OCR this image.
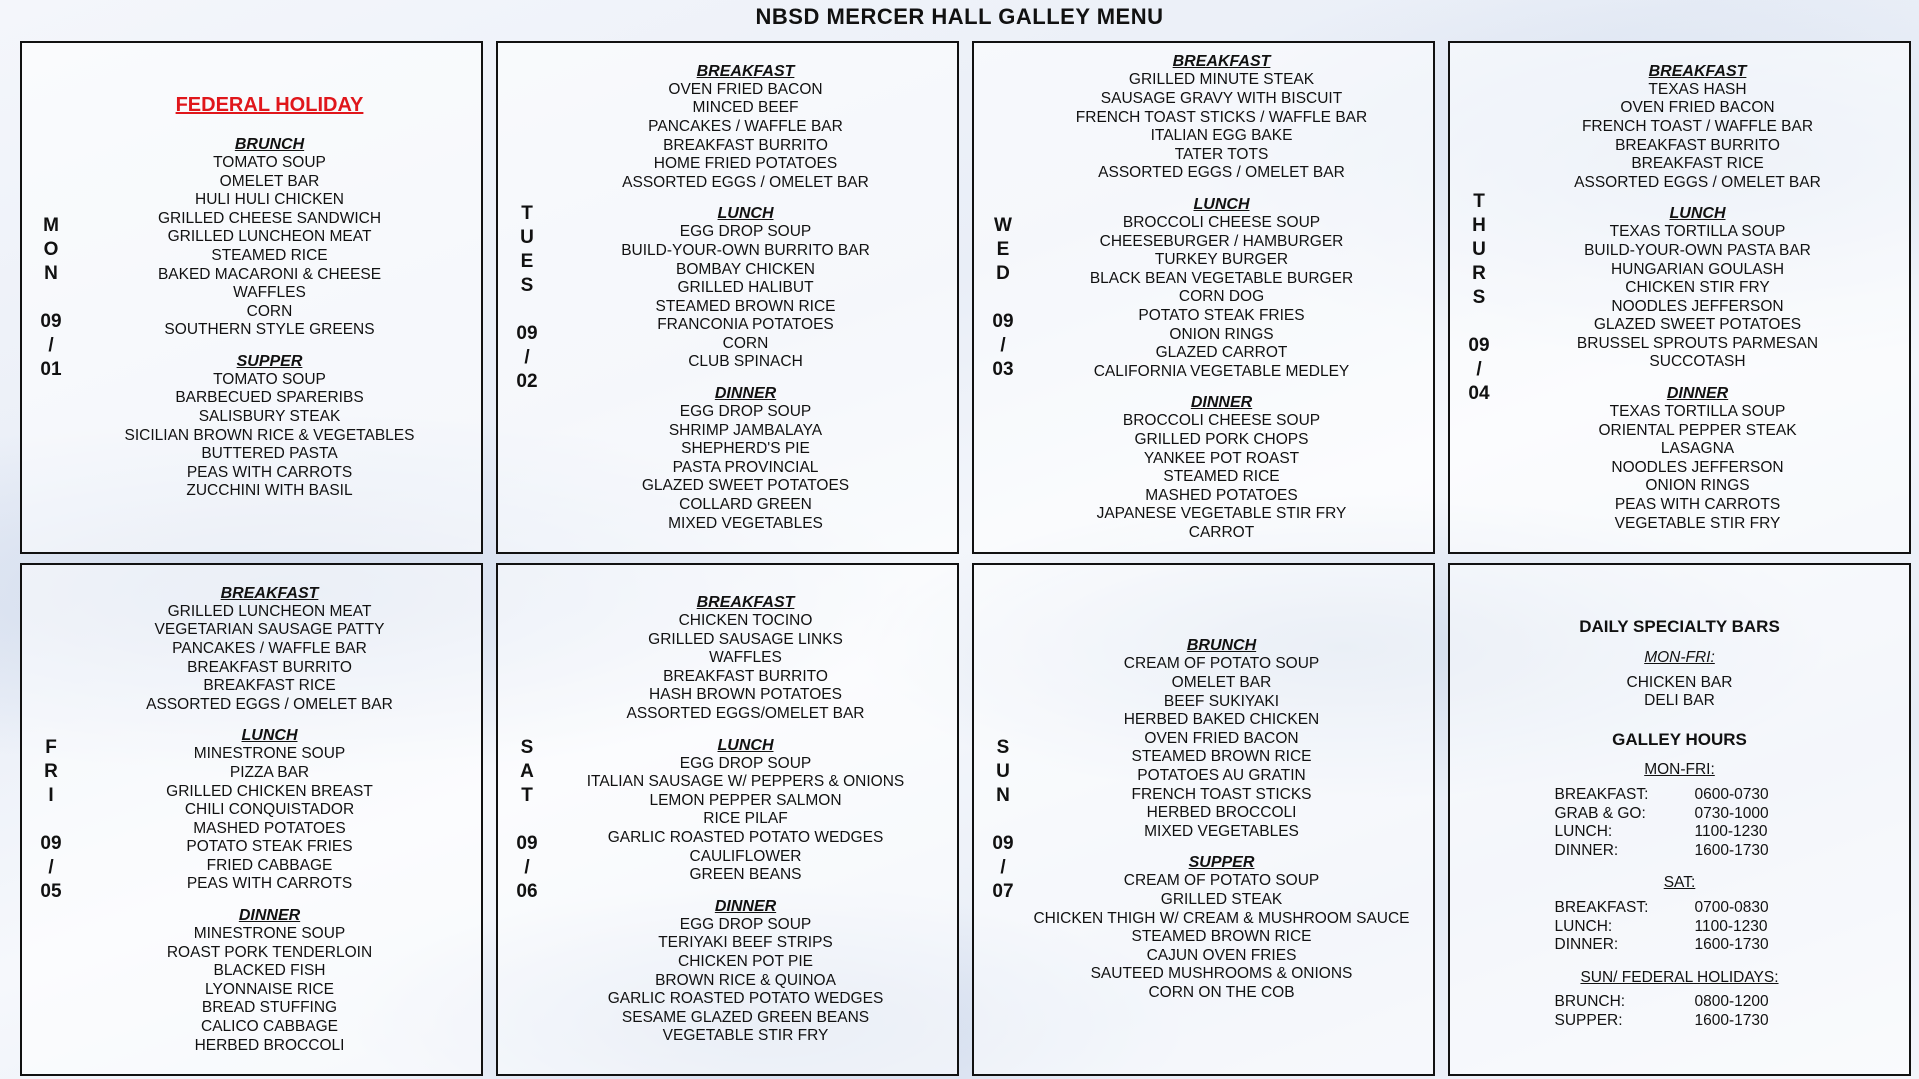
NBSD MERCER HALL GALLEY MENU
M
O
N
09
/
01
FEDERAL HOLIDAY
BRUNCH
TOMATO SOUP
OMELET BAR
HULI HULI CHICKEN
GRILLED CHEESE SANDWICH
GRILLED LUNCHEON MEAT
STEAMED RICE
BAKED MACARONI & CHEESE
WAFFLES
CORN
SOUTHERN STYLE GREENS
SUPPER
TOMATO SOUP
BARBECUED SPARERIBS
SALISBURY STEAK
SICILIAN BROWN RICE & VEGETABLES
BUTTERED PASTA
PEAS WITH CARROTS
ZUCCHINI WITH BASIL
T
U
E
S
09
/
02
BREAKFAST
OVEN FRIED BACON
MINCED BEEF
PANCAKES / WAFFLE BAR
BREAKFAST BURRITO
HOME FRIED POTATOES
ASSORTED EGGS / OMELET BAR
LUNCH
EGG DROP SOUP
BUILD-YOUR-OWN BURRITO BAR
BOMBAY CHICKEN
GRILLED HALIBUT
STEAMED BROWN RICE
FRANCONIA POTATOES
CORN
CLUB SPINACH
DINNER
EGG DROP SOUP
SHRIMP JAMBALAYA
SHEPHERD'S PIE
PASTA PROVINCIAL
GLAZED SWEET POTATOES
COLLARD GREEN
MIXED VEGETABLES
W
E
D
09
/
03
BREAKFAST
GRILLED MINUTE STEAK
SAUSAGE GRAVY WITH BISCUIT
FRENCH TOAST STICKS / WAFFLE BAR
ITALIAN EGG BAKE
TATER TOTS
ASSORTED EGGS / OMELET BAR
LUNCH
BROCCOLI CHEESE SOUP
CHEESEBURGER / HAMBURGER
TURKEY BURGER
BLACK BEAN VEGETABLE BURGER
CORN DOG
POTATO STEAK FRIES
ONION RINGS
GLAZED CARROT
CALIFORNIA VEGETABLE MEDLEY
DINNER
BROCCOLI CHEESE SOUP
GRILLED PORK CHOPS
YANKEE POT ROAST
STEAMED RICE
MASHED POTATOES
JAPANESE VEGETABLE STIR FRY
CARROT
T
H
U
R
S
09
/
04
BREAKFAST
TEXAS HASH
OVEN FRIED BACON
FRENCH TOAST / WAFFLE BAR
BREAKFAST BURRITO
BREAKFAST RICE
ASSORTED EGGS / OMELET BAR
LUNCH
TEXAS TORTILLA SOUP
BUILD-YOUR-OWN PASTA BAR
HUNGARIAN GOULASH
CHICKEN STIR FRY
NOODLES JEFFERSON
GLAZED SWEET POTATOES
BRUSSEL SPROUTS PARMESAN
SUCCOTASH
DINNER
TEXAS TORTILLA SOUP
ORIENTAL PEPPER STEAK
LASAGNA
NOODLES JEFFERSON
ONION RINGS
PEAS WITH CARROTS
VEGETABLE STIR FRY
F
R
I
09
/
05
BREAKFAST
GRILLED LUNCHEON MEAT
VEGETARIAN SAUSAGE PATTY
PANCAKES / WAFFLE BAR
BREAKFAST BURRITO
BREAKFAST RICE
ASSORTED EGGS / OMELET BAR
LUNCH
MINESTRONE SOUP
PIZZA BAR
GRILLED CHICKEN BREAST
CHILI CONQUISTADOR
MASHED POTATOES
POTATO STEAK FRIES
FRIED CABBAGE
PEAS WITH CARROTS
DINNER
MINESTRONE SOUP
ROAST PORK TENDERLOIN
BLACKED FISH
LYONNAISE RICE
BREAD STUFFING
CALICO CABBAGE
HERBED BROCCOLI
S
A
T
09
/
06
BREAKFAST
CHICKEN TOCINO
GRILLED SAUSAGE LINKS
WAFFLES
BREAKFAST BURRITO
HASH BROWN POTATOES
ASSORTED EGGS/OMELET BAR
LUNCH
EGG DROP SOUP
ITALIAN SAUSAGE W/ PEPPERS & ONIONS
LEMON PEPPER SALMON
RICE PILAF
GARLIC ROASTED POTATO WEDGES
CAULIFLOWER
GREEN BEANS
DINNER
EGG DROP SOUP
TERIYAKI BEEF STRIPS
CHICKEN POT PIE
BROWN RICE & QUINOA
GARLIC ROASTED POTATO WEDGES
SESAME GLAZED GREEN BEANS
VEGETABLE STIR FRY
S
U
N
09
/
07
BRUNCH
CREAM OF POTATO SOUP
OMELET BAR
BEEF SUKIYAKI
HERBED BAKED CHICKEN
OVEN FRIED BACON
STEAMED BROWN RICE
POTATOES AU GRATIN
FRENCH TOAST STICKS
HERBED BROCCOLI
MIXED VEGETABLES
SUPPER
CREAM OF POTATO SOUP
GRILLED STEAK
CHICKEN THIGH W/ CREAM & MUSHROOM SAUCE
STEAMED BROWN RICE
CAJUN OVEN FRIES
SAUTEED MUSHROOMS & ONIONS
CORN ON THE COB
DAILY SPECIALTY BARS
MON-FRI:
CHICKEN BAR
DELI BAR
GALLEY HOURS
MON-FRI:
BREAKFAST:	0600-0730
GRAB & GO:	0730-1000
LUNCH:	1100-1230
DINNER:	1600-1730
SAT:
BREAKFAST:	0700-0830
LUNCH:	1100-1230
DINNER:	1600-1730
SUN/ FEDERAL HOLIDAYS:
BRUNCH:	0800-1200
SUPPER:	1600-1730
